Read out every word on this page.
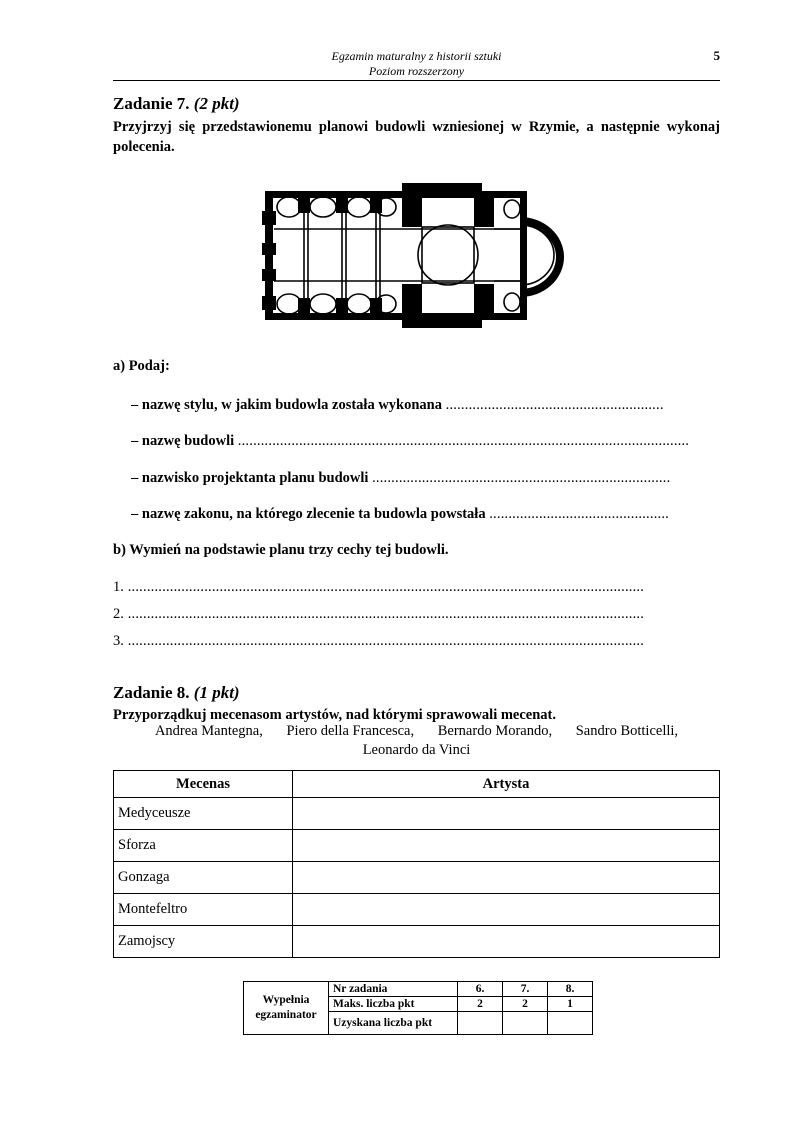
Egzamin maturalny z historii sztuki
Poziom rozszerzony
5
Zadanie 7. (2 pkt)
Przyjrzyj się przedstawionemu planowi budowli wzniesionej w Rzymie, a następnie wykonaj polecenia.
a) Podaj:
– nazwę stylu, w jakim budowla została wykonana .........................................................
– nazwę budowli ......................................................................................................................
– nazwisko projektanta planu budowli ..............................................................................
– nazwę zakonu, na którego zlecenie ta budowla powstała ...............................................
b) Wymień na podstawie planu trzy cechy tej budowli.
1. .......................................................................................................................................
2. .......................................................................................................................................
3. .......................................................................................................................................
Zadanie 8. (1 pkt)
Przyporządkuj mecenasom artystów, nad którymi sprawowali mecenat.
Andrea Mantegna, Piero della Francesca, Bernardo Morando, Sandro Botticelli,
Leonardo da Vinci
Mecenas	Artysta
Medyceusze	
Sforza	
Gonzaga	
Montefeltro	
Zamojscy	
Wypełnia
egzaminator	Nr zadania	6.	7.	8.
	Maks. liczba pkt	2	2	1
	Uzyskana liczba pkt			
